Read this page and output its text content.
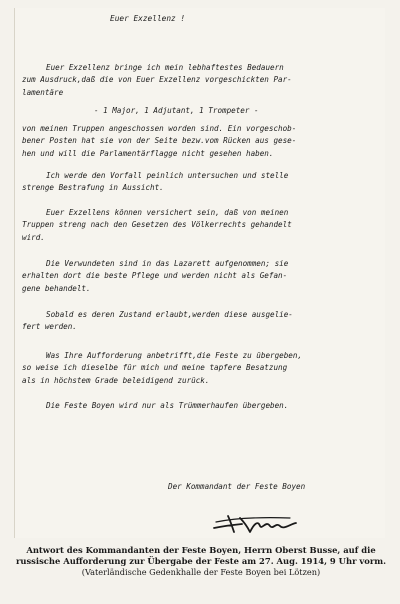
Euer Exzellenz !
Euer Exzellenz bringe ich mein lebhaftestes Bedauern
zum Ausdruck,daß die von Euer Exzellenz vorgeschickten Par-
lamentäre
- 1 Major, 1 Adjutant, 1 Trompeter -
von meinen Truppen angeschossen worden sind. Ein vorgeschob-
bener Posten hat sie von der Seite bezw.vom Rücken aus gese-
hen und will die Parlamentärflagge nicht gesehen haben.
Ich werde den Vorfall peinlich untersuchen und stelle
strenge Bestrafung in Aussicht.
Euer Exzellens können versichert sein, daß von meinen
Truppen streng nach den Gesetzen des Völkerrechts gehandelt
wird.
Die Verwundeten sind in das Lazarett aufgenommen; sie
erhalten dort die beste Pflege und werden nicht als Gefan-
gene behandelt.
Sobald es deren Zustand erlaubt,werden diese ausgelie-
fert werden.
Was Ihre Aufforderung anbetrifft,die Feste zu übergeben,
so weise ich dieselbe für mich und meine tapfere Besatzung
als in höchstem Grade beleidigend zurück.
Die Feste Boyen wird nur als Trümmerhaufen übergeben.
Der Kommandant der Feste Boyen
Antwort des Kommandanten der Feste Boyen, Herrn Oberst Busse, auf die
russische Aufforderung zur Übergabe der Feste am 27. Aug. 1914, 9 Uhr vorm.
(Vaterländische Gedenkhalle der Feste Boyen bei Lötzen)
